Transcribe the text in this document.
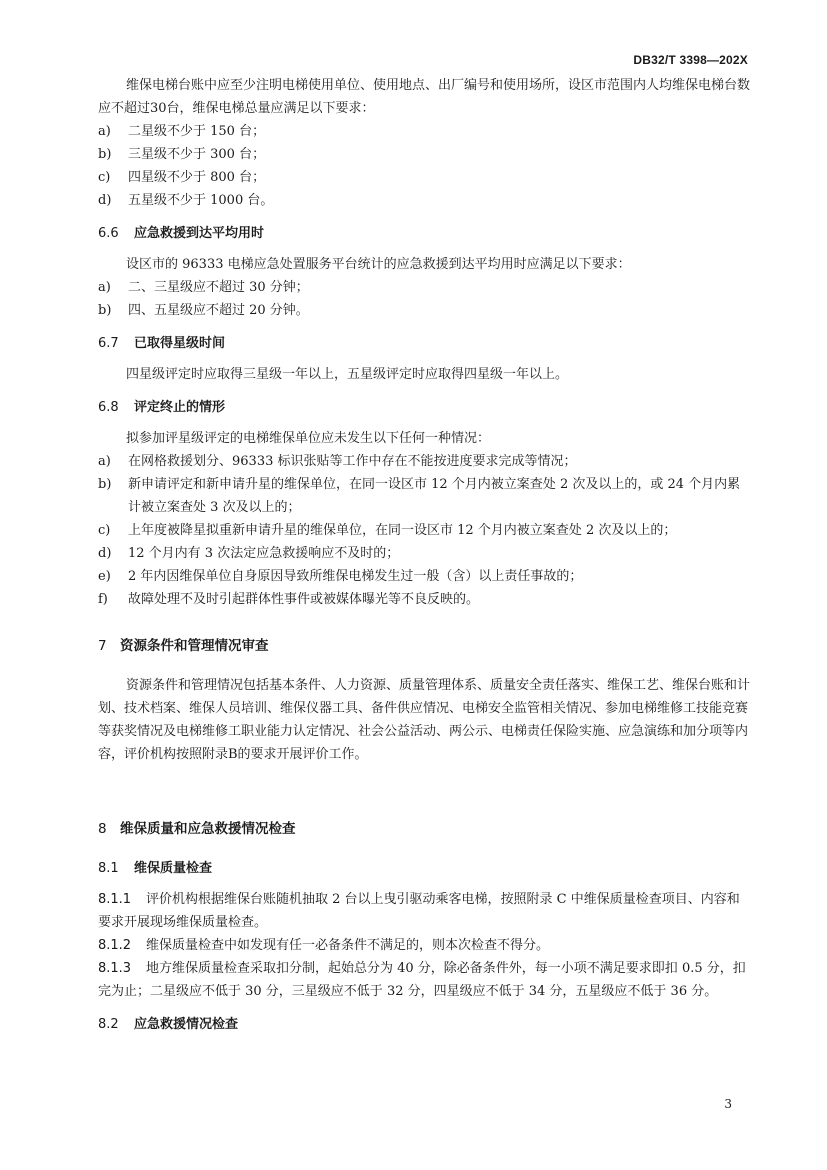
DB32/T 3398—202X

维保电梯台账中应至少注明电梯使用单位、使用地点、出厂编号和使用场所，设区市范围内人均维保电梯台数应不超过30台，维保电梯总量应满足以下要求：

a)	二星级不少于 150 台；
b)	三星级不少于 300 台；
c)	四星级不少于 800 台；
d)	五星级不少于 1000 台。

6.6 应急救援到达平均用时

设区市的 96333 电梯应急处置服务平台统计的应急救援到达平均用时应满足以下要求：

a)	二、三星级应不超过 30 分钟；
b)	四、五星级应不超过 20 分钟。

6.7 已取得星级时间

四星级评定时应取得三星级一年以上，五星级评定时应取得四星级一年以上。

6.8 评定终止的情形

拟参加评星级评定的电梯维保单位应未发生以下任何一种情况：

a)	在网格救援划分、96333 标识张贴等工作中存在不能按进度要求完成等情况；
b)	新申请评定和新申请升星的维保单位，在同一设区市 12 个月内被立案查处 2 次及以上的，或 24 个月内累计被立案查处 3 次及以上的；
c)	上年度被降星拟重新申请升星的维保单位，在同一设区市 12 个月内被立案查处 2 次及以上的；
d)	12 个月内有 3 次法定应急救援响应不及时的；
e)	2 年内因维保单位自身原因导致所维保电梯发生过一般（含）以上责任事故的；
f)	故障处理不及时引起群体性事件或被媒体曝光等不良反映的。

7 资源条件和管理情况审查

资源条件和管理情况包括基本条件、人力资源、质量管理体系、质量安全责任落实、维保工艺、维保台账和计划、技术档案、维保人员培训、维保仪器工具、备件供应情况、电梯安全监管相关情况、参加电梯维修工技能竞赛等获奖情况及电梯维修工职业能力认定情况、社会公益活动、两公示、电梯责任保险实施、应急演练和加分项等内容，评价机构按照附录B的要求开展评价工作。

8 维保质量和应急救援情况检查

8.1 维保质量检查

8.1.1 评价机构根据维保台账随机抽取 2 台以上曳引驱动乘客电梯，按照附录 C 中维保质量检查项目、内容和要求开展现场维保质量检查。

8.1.2 维保质量检查中如发现有任一必备条件不满足的，则本次检查不得分。

8.1.3 地方维保质量检查采取扣分制，起始总分为 40 分，除必备条件外，每一小项不满足要求即扣 0.5 分，扣完为止；二星级应不低于 30 分，三星级应不低于 32 分，四星级应不低于 34 分，五星级应不低于 36 分。

8.2 应急救援情况检查

3
